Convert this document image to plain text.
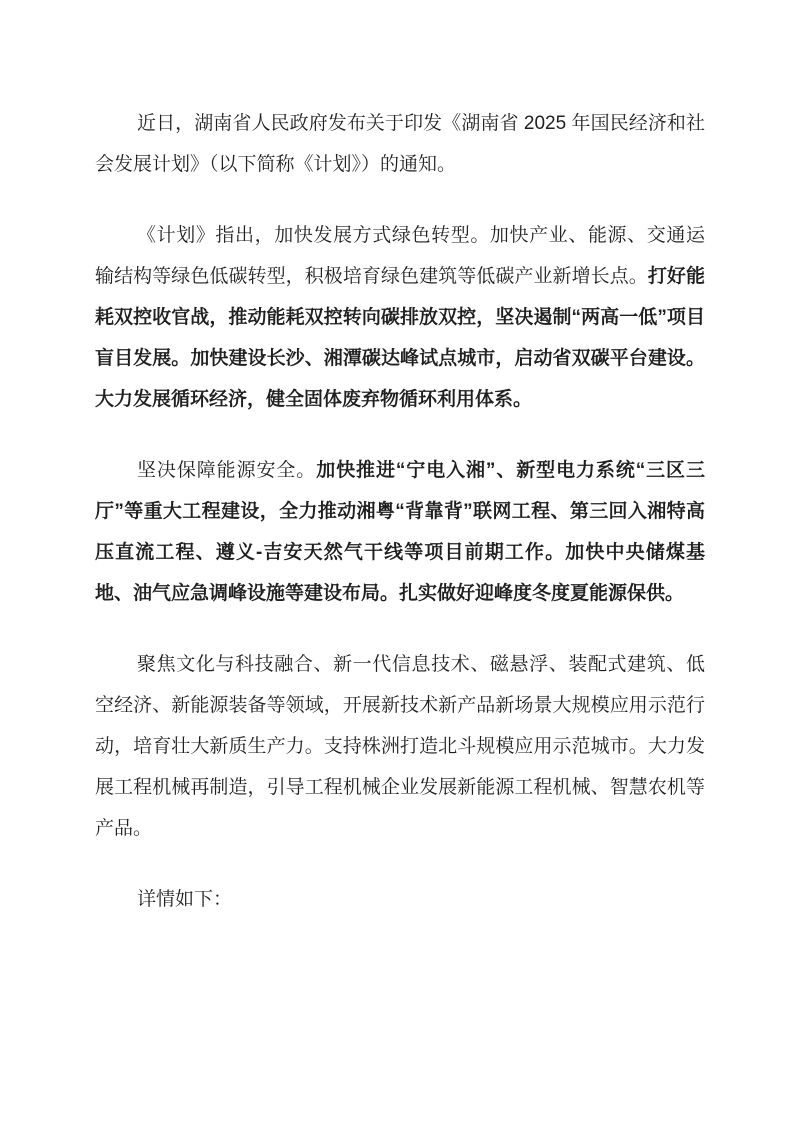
近日，湖南省人民政府发布关于印发《湖南省 2025 年国民经济和社会发展计划》（以下简称《计划》）的通知。

《计划》指出，加快发展方式绿色转型。加快产业、能源、交通运输结构等绿色低碳转型，积极培育绿色建筑等低碳产业新增长点。打好能耗双控收官战，推动能耗双控转向碳排放双控，坚决遏制“两高一低”项目盲目发展。加快建设长沙、湘潭碳达峰试点城市，启动省双碳平台建设。大力发展循环经济，健全固体废弃物循环利用体系。

坚决保障能源安全。加快推进“宁电入湘”、新型电力系统“三区三厅”等重大工程建设，全力推动湘粤“背靠背”联网工程、第三回入湘特高压直流工程、遵义-吉安天然气干线等项目前期工作。加快中央储煤基地、油气应急调峰设施等建设布局。扎实做好迎峰度冬度夏能源保供。

聚焦文化与科技融合、新一代信息技术、磁悬浮、装配式建筑、低空经济、新能源装备等领域，开展新技术新产品新场景大规模应用示范行动，培育壮大新质生产力。支持株洲打造北斗规模应用示范城市。大力发展工程机械再制造，引导工程机械企业发展新能源工程机械、智慧农机等产品。

详情如下：
